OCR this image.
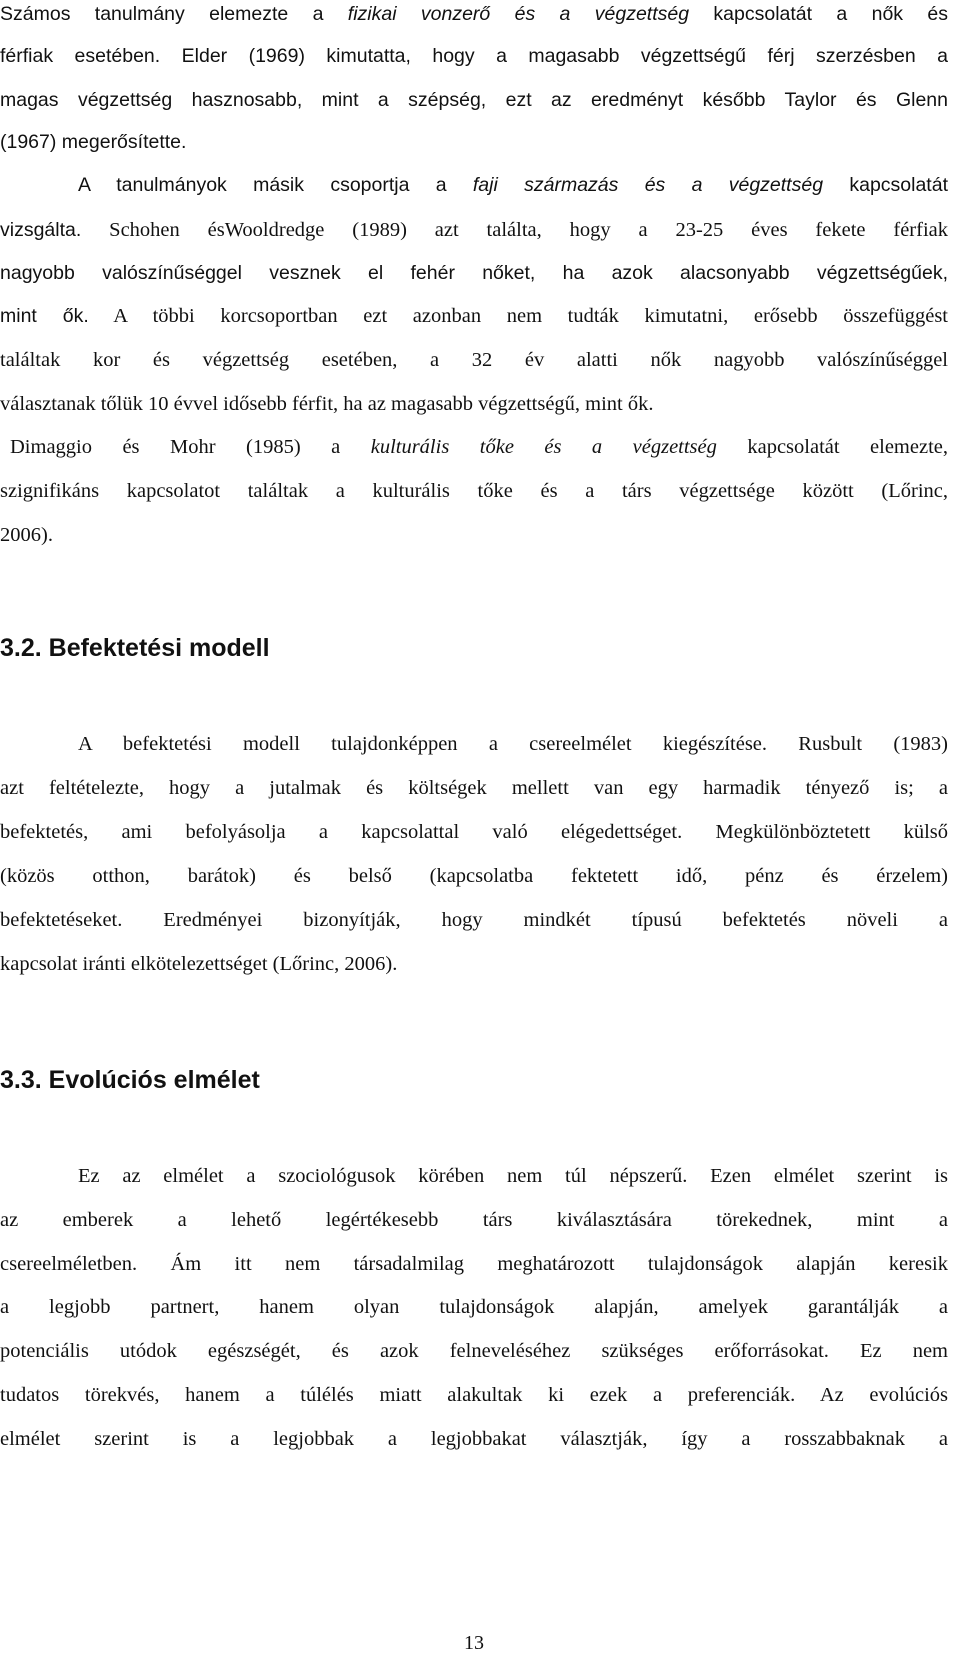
Számos tanulmány elemezte a fizikai vonzerő és a végzettség kapcsolatát a nők és
férfiak esetében. Elder (1969) kimutatta, hogy a magasabb végzettségű férj szerzésben a
magas végzettség hasznosabb, mint a szépség, ezt az eredményt később Taylor és Glenn
(1967) megerősítette.
A tanulmányok másik csoportja a faji származás és a végzettség kapcsolatát
vizsgálta. Schohen ésWooldredge (1989) azt találta, hogy a 23-25 éves fekete férfiak
nagyobb valószínűséggel vesznek el fehér nőket, ha azok alacsonyabb végzettségűek,
mint ők. A többi korcsoportban ezt azonban nem tudták kimutatni, erősebb összefüggést
találtak kor és végzettség esetében, a 32 év alatti nők nagyobb valószínűséggel
választanak tőlük 10 évvel idősebb férfit, ha az magasabb végzettségű, mint ők.
Dimaggio és Mohr (1985) a kulturális tőke és a végzettség kapcsolatát elemezte,
szignifikáns kapcsolatot találtak a kulturális tőke és a társ végzettsége között (Lőrinc,
2006).
3.2. Befektetési modell
A befektetési modell tulajdonképpen a csereelmélet kiegészítése. Rusbult (1983)
azt feltételezte, hogy a jutalmak és költségek mellett van egy harmadik tényező is; a
befektetés, ami befolyásolja a kapcsolattal való elégedettséget. Megkülönböztetett külső
(közös otthon, barátok) és belső (kapcsolatba fektetett idő, pénz és érzelem)
befektetéseket. Eredményei bizonyítják, hogy mindkét típusú befektetés növeli a
kapcsolat iránti elkötelezettséget (Lőrinc, 2006).
3.3. Evolúciós elmélet
Ez az elmélet a szociológusok körében nem túl népszerű. Ezen elmélet szerint is
az emberek a lehető legértékesebb társ kiválasztására törekednek, mint a
csereelméletben. Ám itt nem társadalmilag meghatározott tulajdonságok alapján keresik
a legjobb partnert, hanem olyan tulajdonságok alapján, amelyek garantálják a
potenciális utódok egészségét, és azok felneveléséhez szükséges erőforrásokat. Ez nem
tudatos törekvés, hanem a túlélés miatt alakultak ki ezek a preferenciák. Az evolúciós
elmélet szerint is a legjobbak a legjobbakat választják, így a rosszabbaknak a
13
